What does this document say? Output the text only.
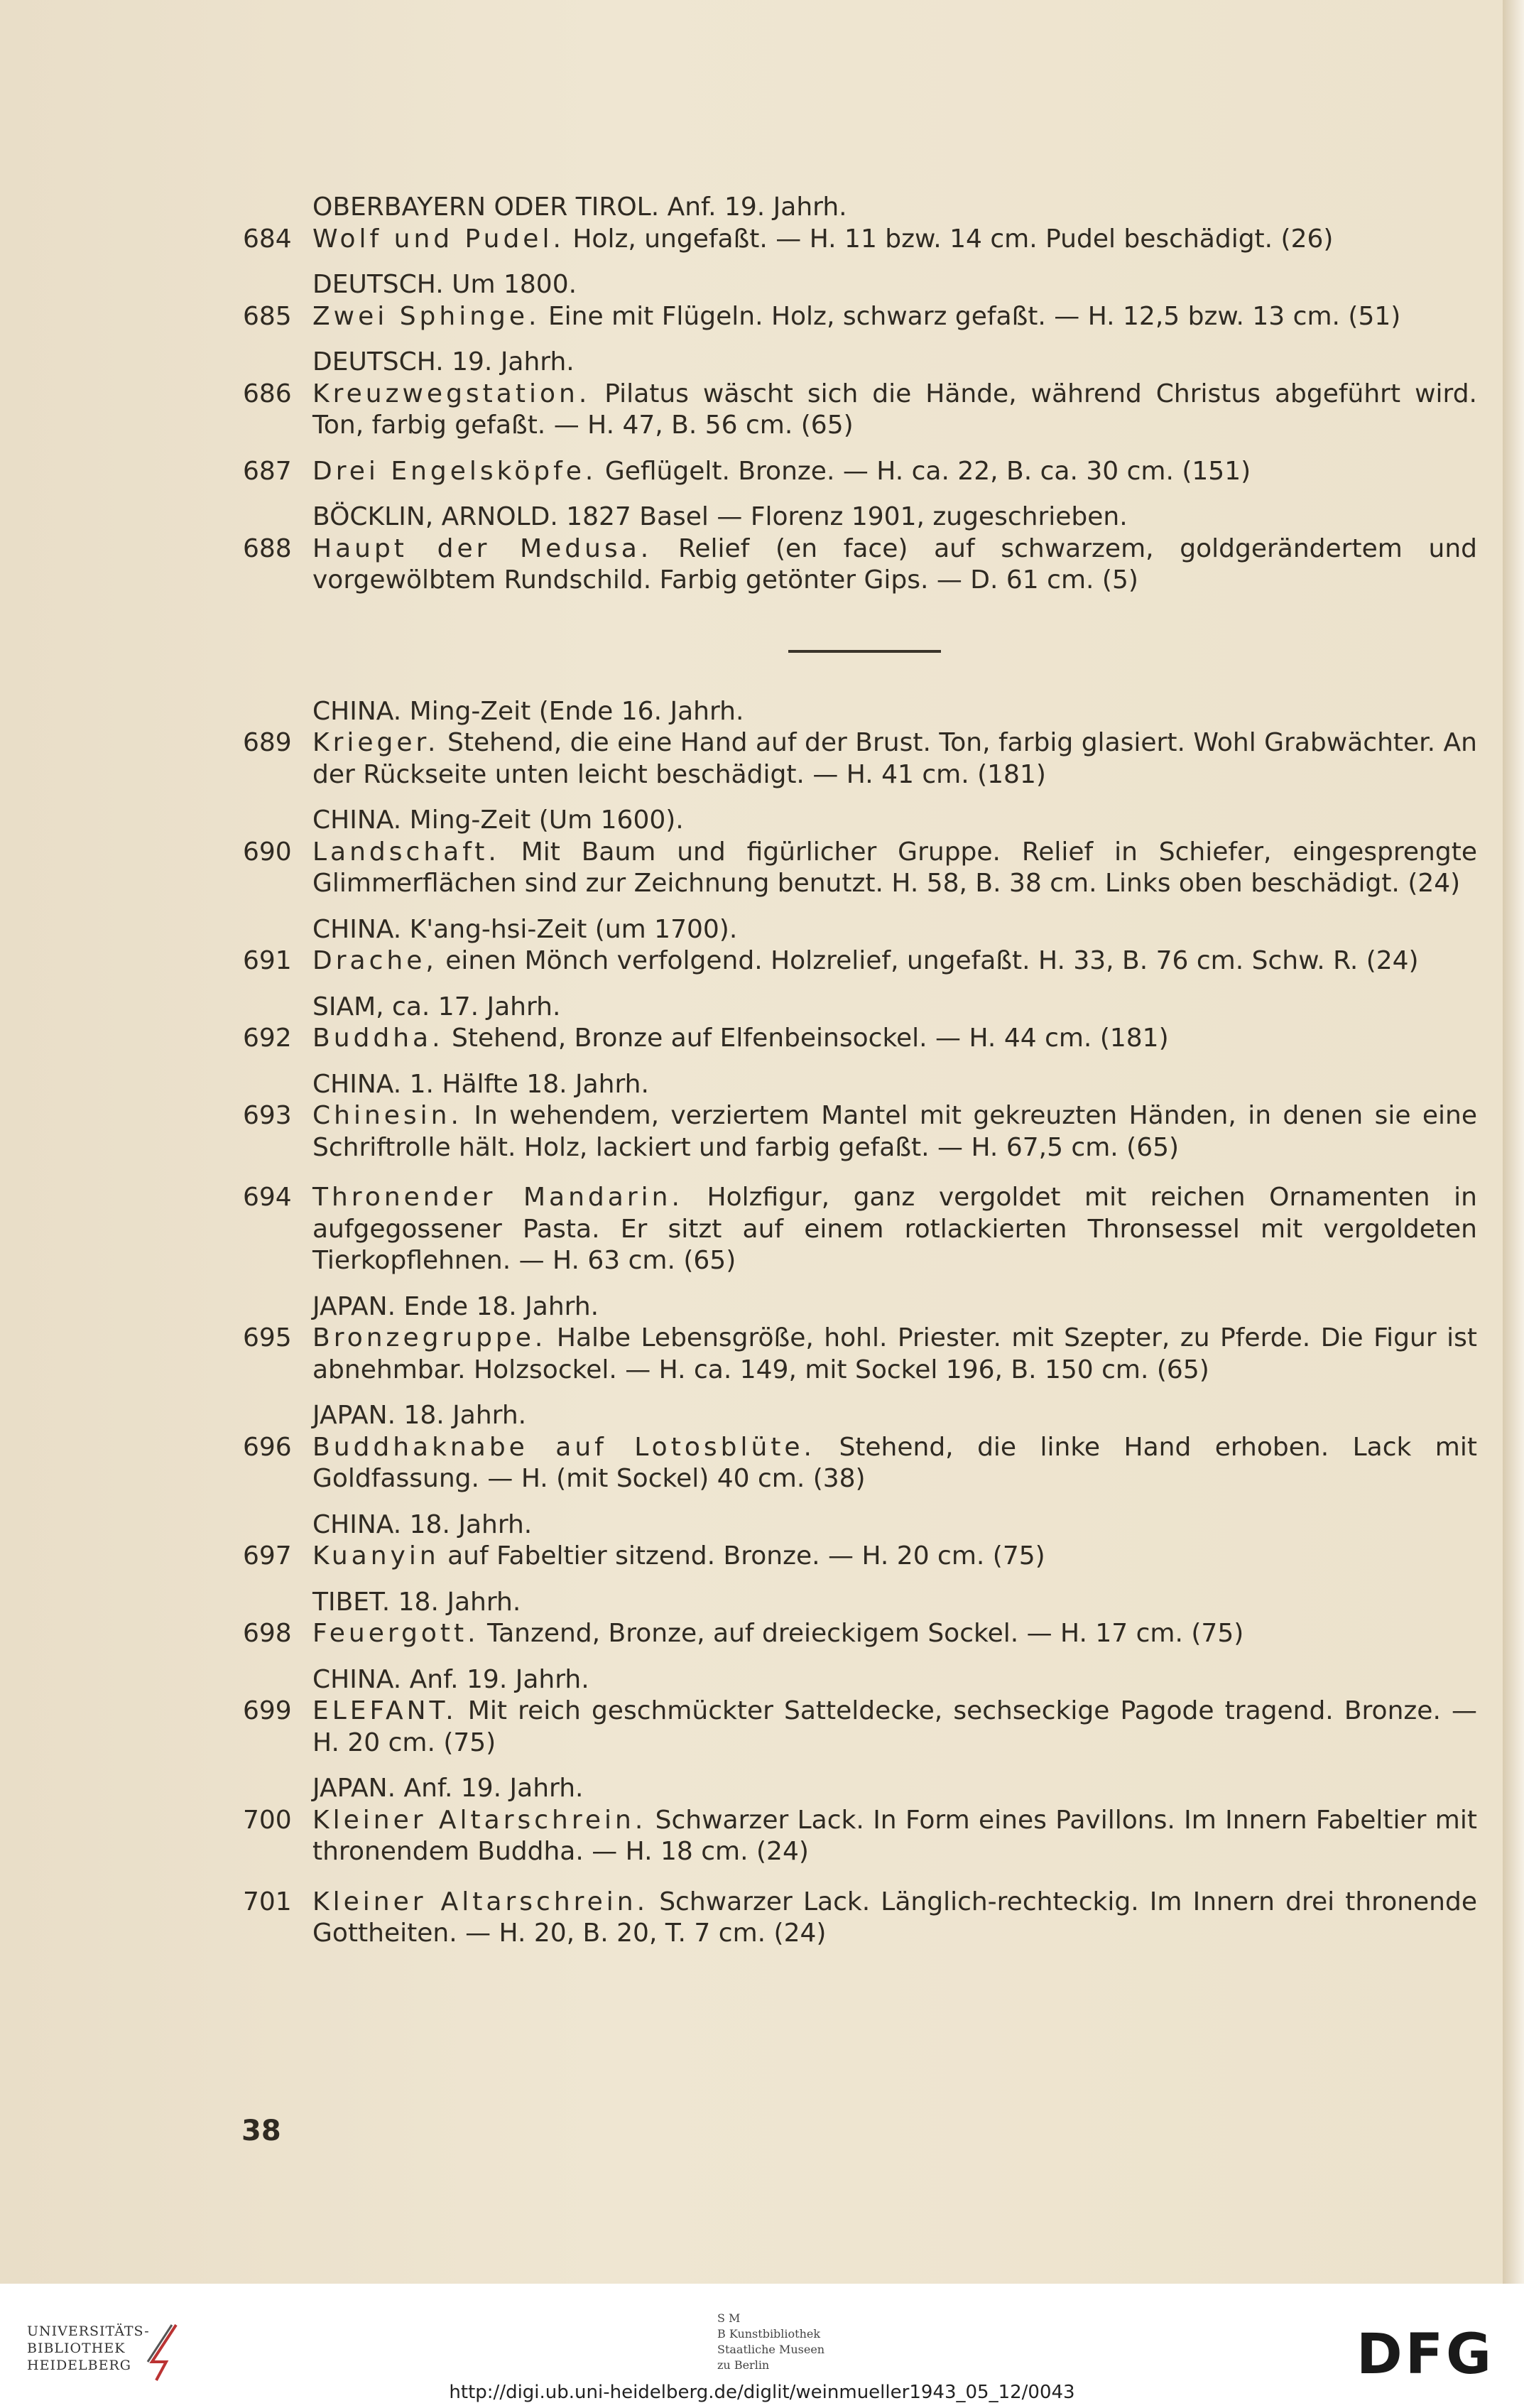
OBERBAYERN ODER TIROL. Anf. 19. Jahrh.
684 Wolf und Pudel. Holz, ungefaßt. — H. 11 bzw. 14 cm. Pudel beschädigt. (26)
DEUTSCH. Um 1800.
685 Zwei Sphinge. Eine mit Flügeln. Holz, schwarz gefaßt. — H. 12,5 bzw. 13 cm. (51)
DEUTSCH. 19. Jahrh.
686 Kreuzwegstation. Pilatus wäscht sich die Hände, während Christus abgeführt wird. Ton, farbig gefaßt. — H. 47, B. 56 cm. (65)
687 Drei Engelsköpfe. Geflügelt. Bronze. — H. ca. 22, B. ca. 30 cm. (151)
BÖCKLIN, ARNOLD. 1827 Basel — Florenz 1901, zugeschrieben.
688 Haupt der Medusa. Relief (en face) auf schwarzem, goldgerändertem und vorgewölbtem Rundschild. Farbig getönter Gips. — D. 61 cm. (5)
CHINA. Ming-Zeit (Ende 16. Jahrh.
689 Krieger. Stehend, die eine Hand auf der Brust. Ton, farbig glasiert. Wohl Grabwächter. An der Rückseite unten leicht beschädigt. — H. 41 cm. (181)
CHINA. Ming-Zeit (Um 1600).
690 Landschaft. Mit Baum und figürlicher Gruppe. Relief in Schiefer, eingesprengte Glimmerflächen sind zur Zeichnung benutzt. H. 58, B. 38 cm. Links oben beschädigt. (24)
CHINA. K'ang-hsi-Zeit (um 1700).
691 Drache, einen Mönch verfolgend. Holzrelief, ungefaßt. H. 33, B. 76 cm. Schw. R. (24)
SIAM, ca. 17. Jahrh.
692 Buddha. Stehend, Bronze auf Elfenbeinsockel. — H. 44 cm. (181)
CHINA. 1. Hälfte 18. Jahrh.
693 Chinesin. In wehendem, verziertem Mantel mit gekreuzten Händen, in denen sie eine Schriftrolle hält. Holz, lackiert und farbig gefaßt. — H. 67,5 cm. (65)
694 Thronender Mandarin. Holzfigur, ganz vergoldet mit reichen Ornamenten in aufgegossener Pasta. Er sitzt auf einem rotlackierten Thronsessel mit vergoldeten Tierkopflehnen. — H. 63 cm. (65)
JAPAN. Ende 18. Jahrh.
695 Bronzegruppe. Halbe Lebensgröße, hohl. Priester. mit Szepter, zu Pferde. Die Figur ist abnehmbar. Holzsockel. — H. ca. 149, mit Sockel 196, B. 150 cm. (65)
JAPAN. 18. Jahrh.
696 Buddhaknabe auf Lotosblüte. Stehend, die linke Hand erhoben. Lack mit Goldfassung. — H. (mit Sockel) 40 cm. (38)
CHINA. 18. Jahrh.
697 Kuanyin auf Fabeltier sitzend. Bronze. — H. 20 cm. (75)
TIBET. 18. Jahrh.
698 Feuergott. Tanzend, Bronze, auf dreieckigem Sockel. — H. 17 cm. (75)
CHINA. Anf. 19. Jahrh.
699 ELEFANT. Mit reich geschmückter Satteldecke, sechseckige Pagode tragend. Bronze. — H. 20 cm. (75)
JAPAN. Anf. 19. Jahrh.
700 Kleiner Altarschrein. Schwarzer Lack. In Form eines Pavillons. Im Innern Fabeltier mit thronendem Buddha. — H. 18 cm. (24)
701 Kleiner Altarschrein. Schwarzer Lack. Länglich-rechteckig. Im Innern drei thronende Gottheiten. — H. 20, B. 20, T. 7 cm. (24)
38
UNIVERSITÄTS-
BIBLIOTHEK
HEIDELBERG
S M
B Kunstbibliothek
Staatliche Museen
zu Berlin	DFG
http://digi.ub.uni-heidelberg.de/diglit/weinmueller1943_05_12/0043
